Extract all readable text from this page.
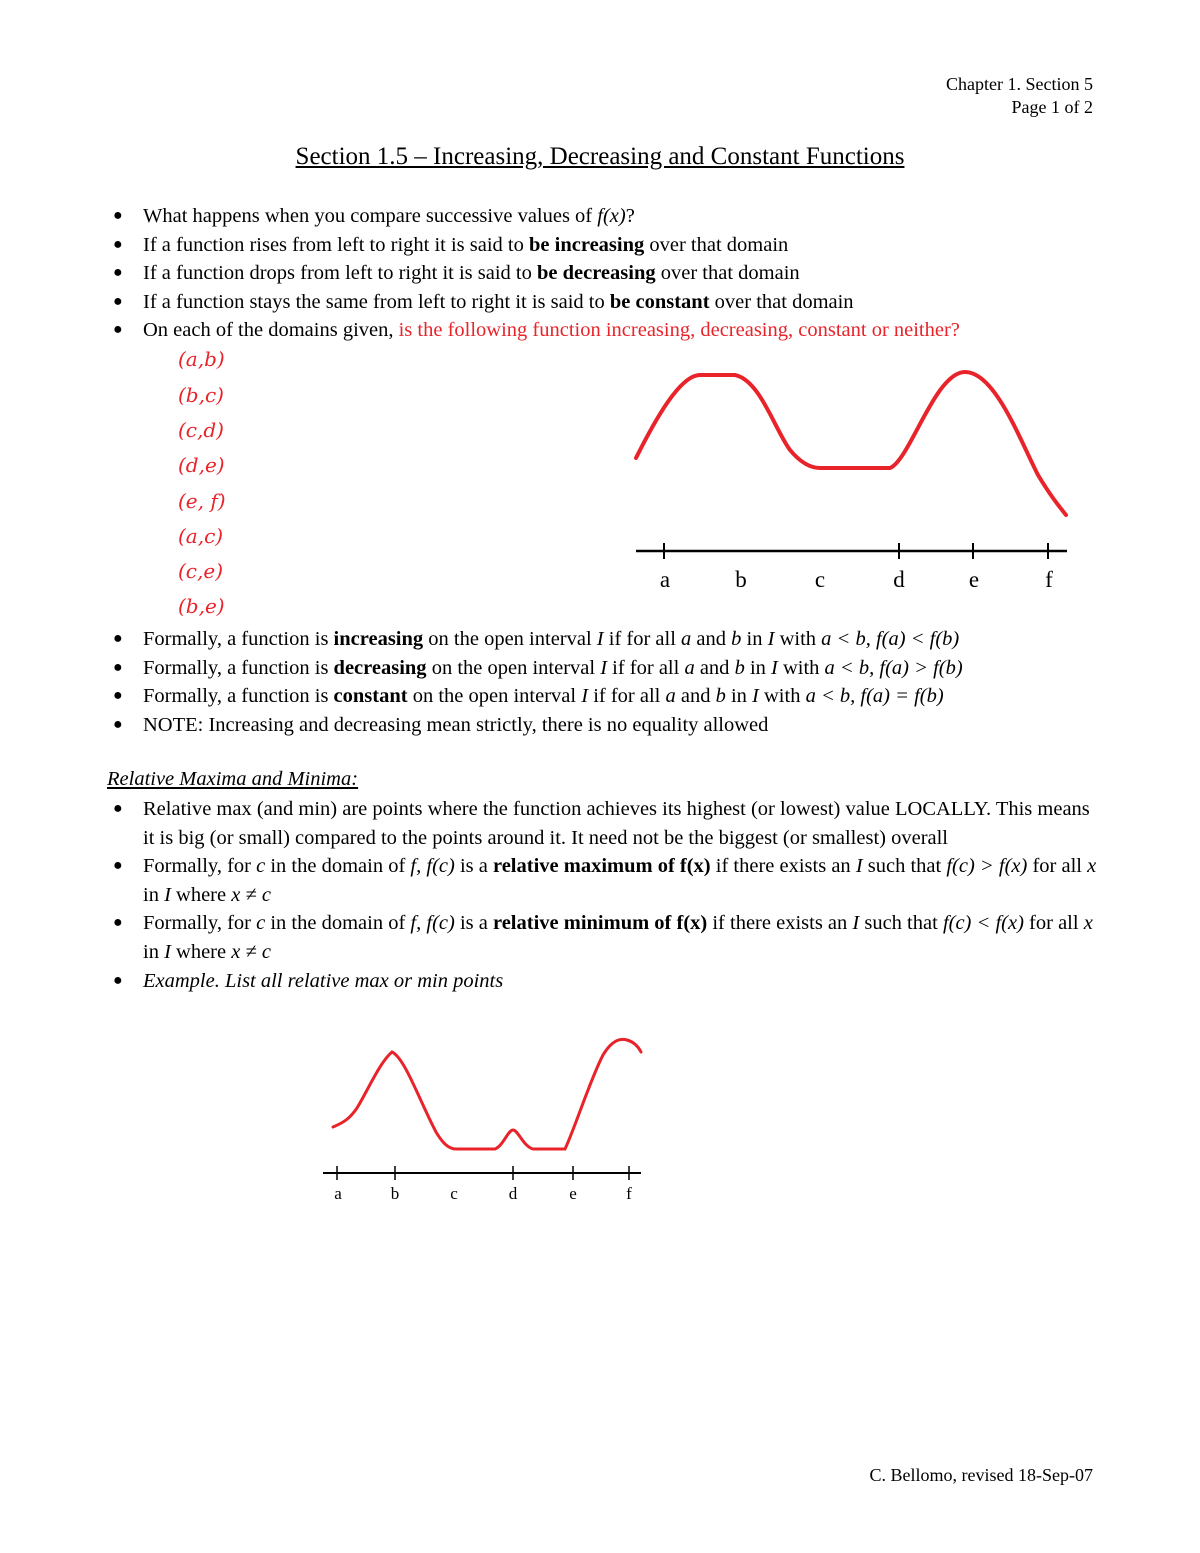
Chapter 1. Section 5
Page 1 of 2
Section 1.5 – Increasing, Decreasing and Constant Functions
● What happens when you compare successive values of f(x)?
● If a function rises from left to right it is said to be increasing over that domain
● If a function drops from left to right it is said to be decreasing over that domain
● If a function stays the same from left to right it is said to be constant over that domain
● On each of the domains given, is the following function increasing, decreasing, constant or neither?
(a,b)
(b,c)
(c,d)
(d,e)
(e, f)
(a,c)
(c,e)
(b,e)
a	b	c	d	e	f
a	b	c	d	e	f
● Formally, a function is increasing on the open interval I if for all a and b in I with a < b, f(a) < f(b)
● Formally, a function is decreasing on the open interval I if for all a and b in I with a < b, f(a) > f(b)
● Formally, a function is constant on the open interval I if for all a and b in I with a < b, f(a) = f(b)
● NOTE: Increasing and decreasing mean strictly, there is no equality allowed
Relative Maxima and Minima:
● Relative max (and min) are points where the function achieves its highest (or lowest) value LOCALLY. This means it is big (or small) compared to the points around it. It need not be the biggest (or smallest) overall
● Formally, for c in the domain of f, f(c) is a relative maximum of f(x) if there exists an I such that f(c) > f(x) for all x in I where x ≠ c
● Formally, for c in the domain of f, f(c) is a relative minimum of f(x) if there exists an I such that f(c) < f(x) for all x in I where x ≠ c
● Example. List all relative max or min points
C. Bellomo, revised 18-Sep-07
